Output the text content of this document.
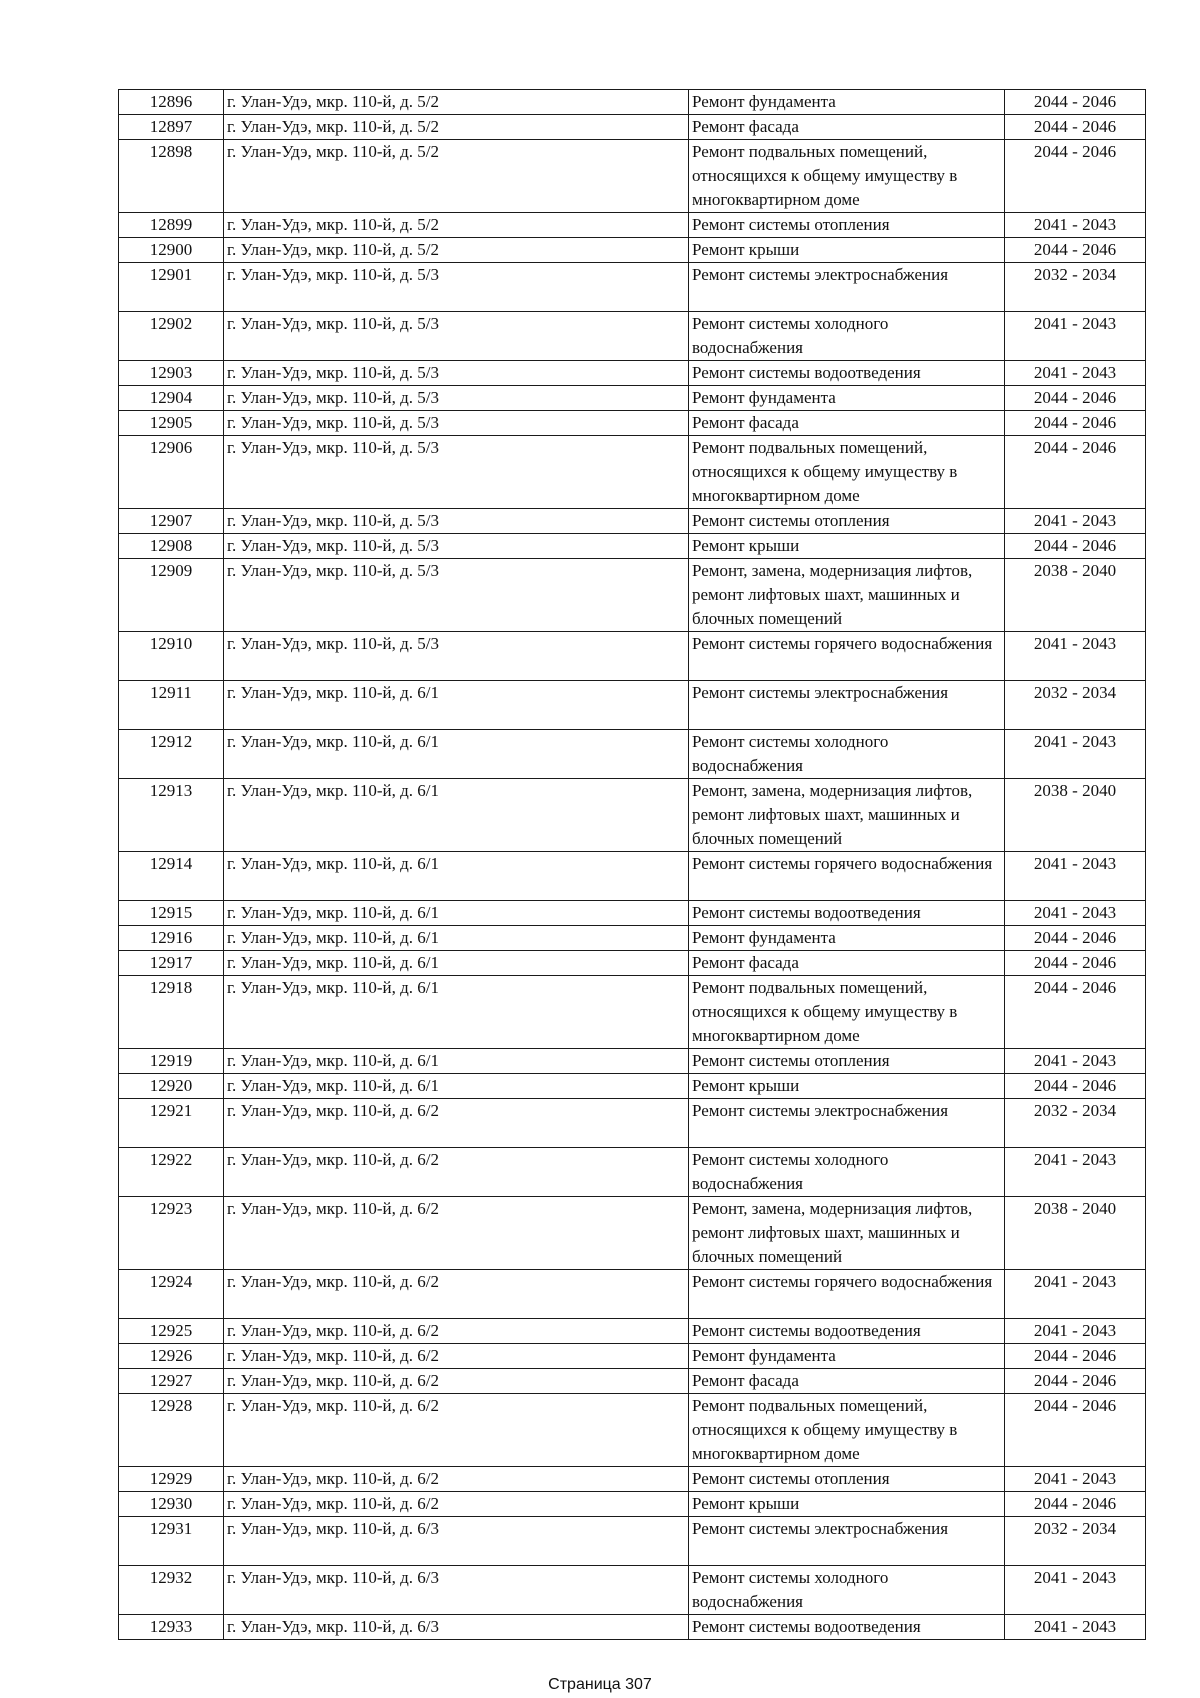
12896	г. Улан-Удэ, мкр. 110-й, д. 5/2	Ремонт фундамента	2044 - 2046
12897	г. Улан-Удэ, мкр. 110-й, д. 5/2	Ремонт фасада	2044 - 2046
12898	г. Улан-Удэ, мкр. 110-й, д. 5/2	Ремонт подвальных помещений, относящихся к общему имуществу в многоквартирном доме	2044 - 2046
12899	г. Улан-Удэ, мкр. 110-й, д. 5/2	Ремонт системы отопления	2041 - 2043
12900	г. Улан-Удэ, мкр. 110-й, д. 5/2	Ремонт крыши	2044 - 2046
12901	г. Улан-Удэ, мкр. 110-й, д. 5/3	Ремонт системы электроснабжения	2032 - 2034
12902	г. Улан-Удэ, мкр. 110-й, д. 5/3	Ремонт системы холодного водоснабжения	2041 - 2043
12903	г. Улан-Удэ, мкр. 110-й, д. 5/3	Ремонт системы водоотведения	2041 - 2043
12904	г. Улан-Удэ, мкр. 110-й, д. 5/3	Ремонт фундамента	2044 - 2046
12905	г. Улан-Удэ, мкр. 110-й, д. 5/3	Ремонт фасада	2044 - 2046
12906	г. Улан-Удэ, мкр. 110-й, д. 5/3	Ремонт подвальных помещений, относящихся к общему имуществу в многоквартирном доме	2044 - 2046
12907	г. Улан-Удэ, мкр. 110-й, д. 5/3	Ремонт системы отопления	2041 - 2043
12908	г. Улан-Удэ, мкр. 110-й, д. 5/3	Ремонт крыши	2044 - 2046
12909	г. Улан-Удэ, мкр. 110-й, д. 5/3	Ремонт, замена, модернизация лифтов, ремонт лифтовых шахт, машинных и блочных помещений	2038 - 2040
12910	г. Улан-Удэ, мкр. 110-й, д. 5/3	Ремонт системы горячего водоснабжения	2041 - 2043
12911	г. Улан-Удэ, мкр. 110-й, д. 6/1	Ремонт системы электроснабжения	2032 - 2034
12912	г. Улан-Удэ, мкр. 110-й, д. 6/1	Ремонт системы холодного водоснабжения	2041 - 2043
12913	г. Улан-Удэ, мкр. 110-й, д. 6/1	Ремонт, замена, модернизация лифтов, ремонт лифтовых шахт, машинных и блочных помещений	2038 - 2040
12914	г. Улан-Удэ, мкр. 110-й, д. 6/1	Ремонт системы горячего водоснабжения	2041 - 2043
12915	г. Улан-Удэ, мкр. 110-й, д. 6/1	Ремонт системы водоотведения	2041 - 2043
12916	г. Улан-Удэ, мкр. 110-й, д. 6/1	Ремонт фундамента	2044 - 2046
12917	г. Улан-Удэ, мкр. 110-й, д. 6/1	Ремонт фасада	2044 - 2046
12918	г. Улан-Удэ, мкр. 110-й, д. 6/1	Ремонт подвальных помещений, относящихся к общему имуществу в многоквартирном доме	2044 - 2046
12919	г. Улан-Удэ, мкр. 110-й, д. 6/1	Ремонт системы отопления	2041 - 2043
12920	г. Улан-Удэ, мкр. 110-й, д. 6/1	Ремонт крыши	2044 - 2046
12921	г. Улан-Удэ, мкр. 110-й, д. 6/2	Ремонт системы электроснабжения	2032 - 2034
12922	г. Улан-Удэ, мкр. 110-й, д. 6/2	Ремонт системы холодного водоснабжения	2041 - 2043
12923	г. Улан-Удэ, мкр. 110-й, д. 6/2	Ремонт, замена, модернизация лифтов, ремонт лифтовых шахт, машинных и блочных помещений	2038 - 2040
12924	г. Улан-Удэ, мкр. 110-й, д. 6/2	Ремонт системы горячего водоснабжения	2041 - 2043
12925	г. Улан-Удэ, мкр. 110-й, д. 6/2	Ремонт системы водоотведения	2041 - 2043
12926	г. Улан-Удэ, мкр. 110-й, д. 6/2	Ремонт фундамента	2044 - 2046
12927	г. Улан-Удэ, мкр. 110-й, д. 6/2	Ремонт фасада	2044 - 2046
12928	г. Улан-Удэ, мкр. 110-й, д. 6/2	Ремонт подвальных помещений, относящихся к общему имуществу в многоквартирном доме	2044 - 2046
12929	г. Улан-Удэ, мкр. 110-й, д. 6/2	Ремонт системы отопления	2041 - 2043
12930	г. Улан-Удэ, мкр. 110-й, д. 6/2	Ремонт крыши	2044 - 2046
12931	г. Улан-Удэ, мкр. 110-й, д. 6/3	Ремонт системы электроснабжения	2032 - 2034
12932	г. Улан-Удэ, мкр. 110-й, д. 6/3	Ремонт системы холодного водоснабжения	2041 - 2043
12933	г. Улан-Удэ, мкр. 110-й, д. 6/3	Ремонт системы водоотведения	2041 - 2043
Страница 307
